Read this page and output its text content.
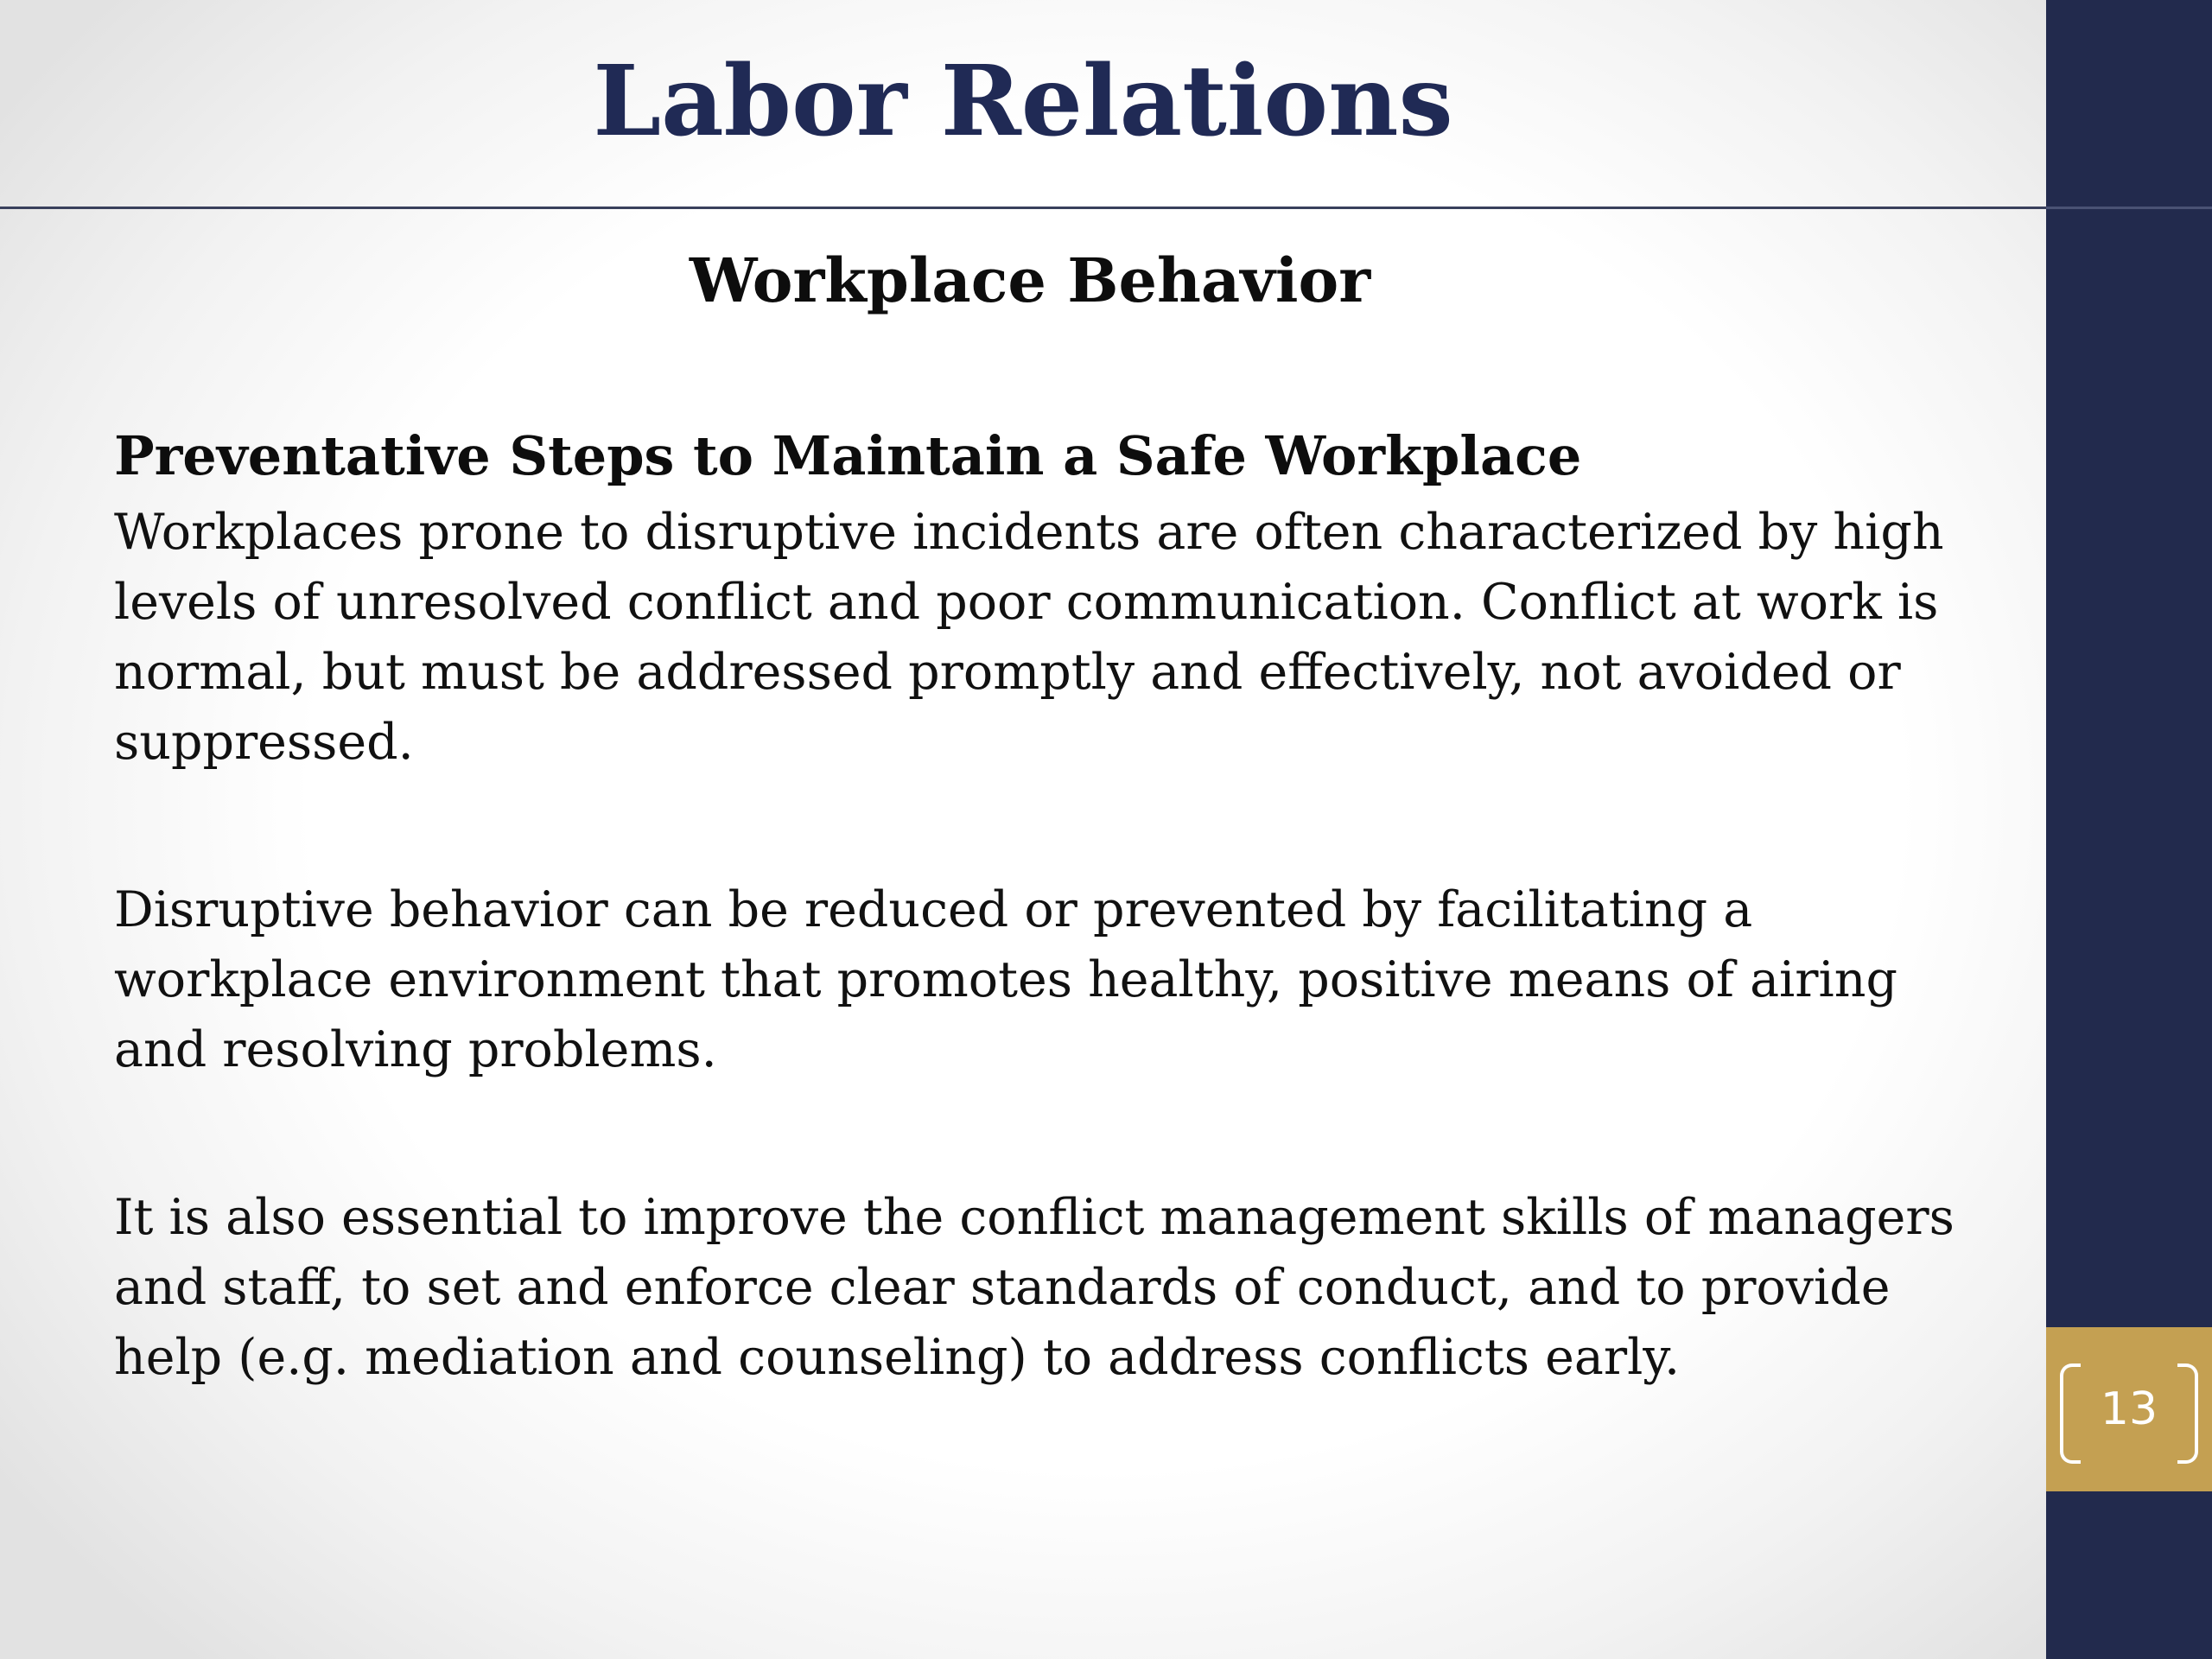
Labor Relations
13
Workplace Behavior
Preventative Steps to Maintain a Safe Workplace

Workplaces prone to disruptive incidents are often characterized by high levels of unresolved conflict and poor communication. Conflict at work is normal, but must be addressed promptly and effectively, not avoided or suppressed.

Disruptive behavior can be reduced or prevented by facilitating a workplace environment that promotes healthy, positive means of airing and resolving problems.

It is also essential to improve the conflict management skills of managers and staff, to set and enforce clear standards of conduct, and to provide help (e.g. mediation and counseling) to address conflicts early.
